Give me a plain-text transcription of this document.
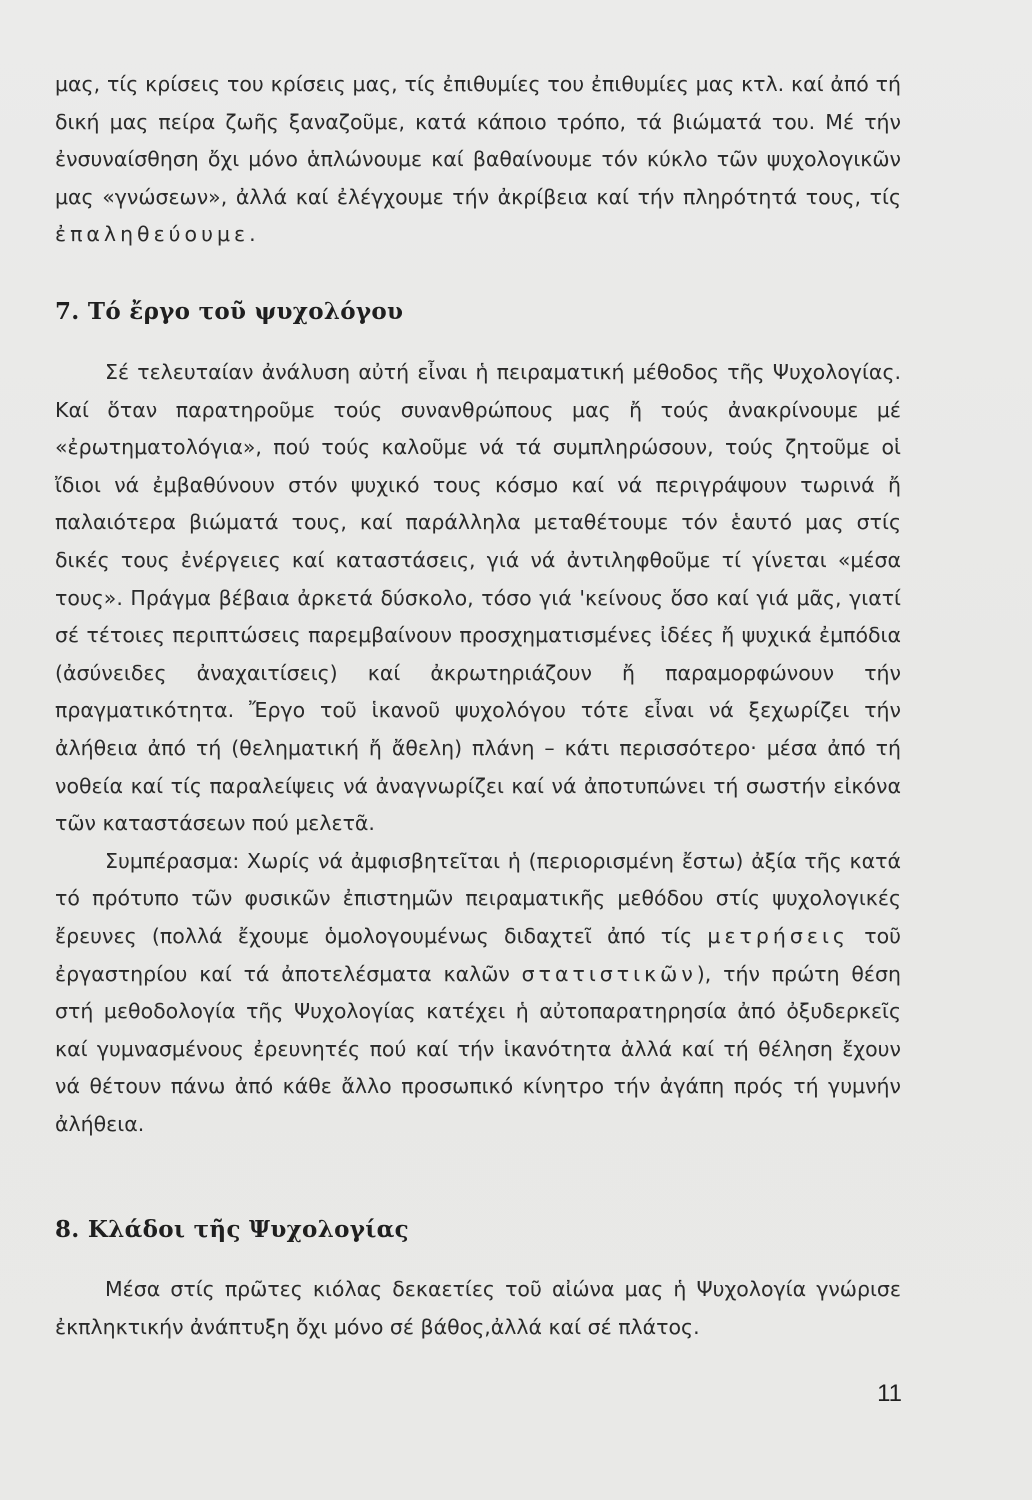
μας, τίς κρίσεις του κρίσεις μας, τίς ἐπιθυμίες του ἐπιθυμίες μας κτλ. καί ἀπό τή δική μας πείρα ζωῆς ξαναζοῦμε, κατά κάποιο τρόπο, τά βιώματά του. Μέ τήν ἐνσυναίσθηση ὄχι μόνο ἁπλώνουμε καί βαθαίνουμε τόν κύκλο τῶν ψυχολογικῶν μας «γνώσεων», ἀλλά καί ἐλέγχουμε τήν ἀκρίβεια καί τήν πληρότητά τους, τίς ἐπαληθεύουμε.

7. Τό ἔργο τοῦ ψυχολόγου

Σέ τελευταίαν ἀνάλυση αὐτή εἶναι ἡ πειραματική μέθοδος τῆς Ψυχολογίας. Καί ὅταν παρατηροῦμε τούς συνανθρώπους μας ἤ τούς ἀνακρίνουμε μέ «ἐρωτηματολόγια», πού τούς καλοῦμε νά τά συμπληρώσουν, τούς ζητοῦμε οἱ ἴδιοι νά ἐμβαθύνουν στόν ψυχικό τους κόσμο καί νά περιγράψουν τωρινά ἤ παλαιότερα βιώματά τους, καί παράλληλα μεταθέτουμε τόν ἑαυτό μας στίς δικές τους ἐνέργειες καί καταστάσεις, γιά νά ἀντιληφθοῦμε τί γίνεται «μέσα τους». Πράγμα βέβαια ἀρκετά δύσκολο, τόσο γιά 'κείνους ὅσο καί γιά μᾶς, γιατί σέ τέτοιες περιπτώσεις παρεμβαίνουν προσχηματισμένες ἰδέες ἤ ψυχικά ἐμπόδια (ἀσύνειδες ἀναχαιτίσεις) καί ἀκρωτηριάζουν ἤ παραμορφώνουν τήν πραγματικότητα. Ἔργο τοῦ ἱκανοῦ ψυχολόγου τότε εἶναι νά ξεχωρίζει τήν ἀλήθεια ἀπό τή (θεληματική ἤ ἄθελη) πλάνη – κάτι περισσότερο· μέσα ἀπό τή νοθεία καί τίς παραλείψεις νά ἀναγνωρίζει καί νά ἀποτυπώνει τή σωστήν εἰκόνα τῶν καταστάσεων πού μελετᾶ.

Συμπέρασμα: Χωρίς νά ἀμφισβητεῖται ἡ (περιορισμένη ἔστω) ἀξία τῆς κατά τό πρότυπο τῶν φυσικῶν ἐπιστημῶν πειραματικῆς μεθόδου στίς ψυχολογικές ἔρευνες (πολλά ἔχουμε ὁμολογουμένως διδαχτεῖ ἀπό τίς μετρήσεις τοῦ ἐργαστηρίου καί τά ἀποτελέσματα καλῶν στατιστικῶν), τήν πρώτη θέση στή μεθοδολογία τῆς Ψυχολογίας κατέχει ἡ αὐτοπαρατηρησία ἀπό ὀξυδερκεῖς καί γυμνασμένους ἐρευνητές πού καί τήν ἱκανότητα ἀλλά καί τή θέληση ἔχουν νά θέτουν πάνω ἀπό κάθε ἄλλο προσωπικό κίνητρο τήν ἀγάπη πρός τή γυμνήν ἀλήθεια.

8. Κλάδοι τῆς Ψυχολογίας

Μέσα στίς πρῶτες κιόλας δεκαετίες τοῦ αἰώνα μας ἡ Ψυχολογία γνώρισε ἐκπληκτικήν ἀνάπτυξη ὄχι μόνο σέ βάθος,ἀλλά καί σέ πλάτος.

11
